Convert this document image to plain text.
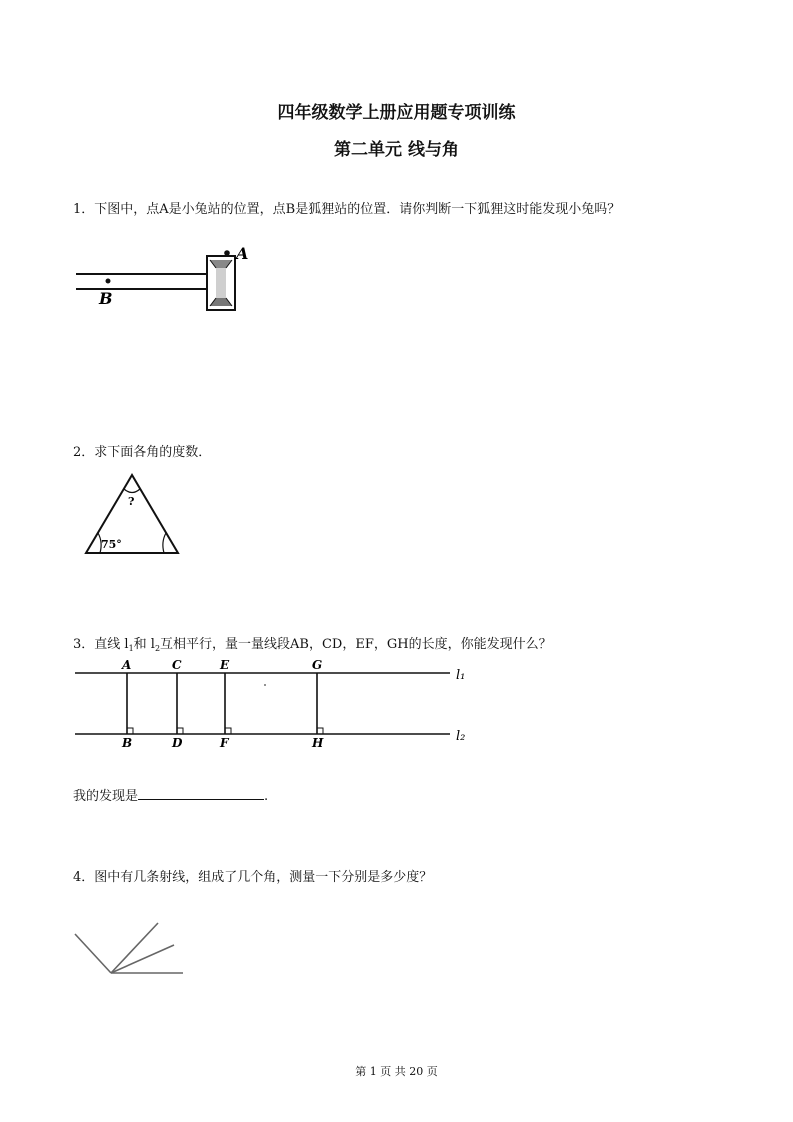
四年级数学上册应用题专项训练
第二单元 线与角
1．下图中，点A是小兔站的位置，点B是狐狸站的位置．请你判断一下狐狸这时能发现小兔吗？
A
B
2．求下面各角的度数．
?
75°
3．直线 $l_1$和 $l_2$互相平行，量一量线段AB，CD，EF，GH的长度，你能发现什么？
l₁
l₂
A	C	E	G
B	D	F	H
我的发现是	.
4．图中有几条射线，组成了几个角，测量一下分别是多少度？
第 1 页 共 20 页
